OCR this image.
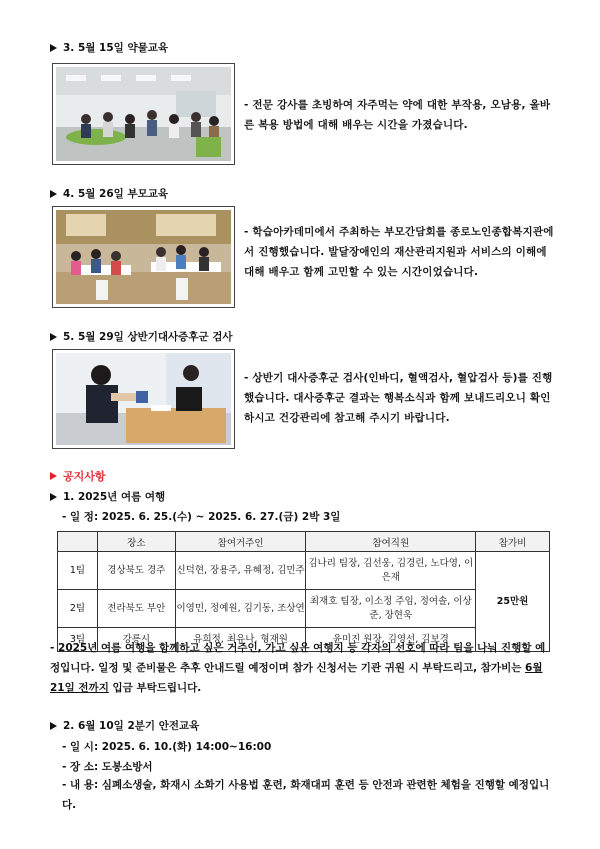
3. 5월 15일 약물교육
- 전문 강사를 초빙하여 자주먹는 약에 대한 부작용, 오남용, 올바른 복용 방법에 대해 배우는 시간을 가졌습니다.
4. 5월 26일 부모교육
- 학습아카데미에서 주최하는 부모간담회를 종로노인종합복지관에서 진행했습니다. 발달장애인의 재산관리지원과 서비스의 이해에 대해 배우고 함께 고민할 수 있는 시간이었습니다.
5. 5월 29일 상반기대사증후군 검사
- 상반기 대사증후군 검사(인바디, 혈액검사, 혈압검사 등)를 진행했습니다. 대사증후군 결과는 행복소식과 함께 보내드리오니 확인하시고 건강관리에 참고해 주시기 바랍니다.
공지사항
1. 2025년 여름 여행
- 일 정: 2025. 6. 25.(수) ~ 2025. 6. 27.(금) 2박 3일
	장소	참여거주인	참여직원	참가비
1팀	경상북도 경주	신덕현, 장용주, 유혜정, 김민주	김나리 팀장, 김선웅, 김경린, 노다영, 이은재	25만원
2팀	전라북도 부안	이영민, 정예원, 김기동, 조상연	최재호 팀장, 이소정 주임, 정여솔, 이상준, 장현욱	
3팀	강릉시	유희정, 최유나, 형재원	윤미진 원장, 김영선, 김보경	
- 2025년 여름 여행을 함께하고 싶은 거주인, 가고 싶은 여행지 등 각자의 선호에 따라 팀을 나눠 진행할 예정입니다. 일정 및 준비물은 추후 안내드릴 예정이며 참가 신청서는 기관 귀원 시 부탁드리고, 참가비는 6월 21일 전까지 입금 부탁드립니다.
2. 6월 10일 2분기 안전교육
- 일 시: 2025. 6. 10.(화) 14:00~16:00
- 장 소: 도봉소방서
- 내 용: 심폐소생술, 화재시 소화기 사용법 훈련, 화재대피 훈련 등 안전과 관련한 체험을 진행할 예정입니다.
